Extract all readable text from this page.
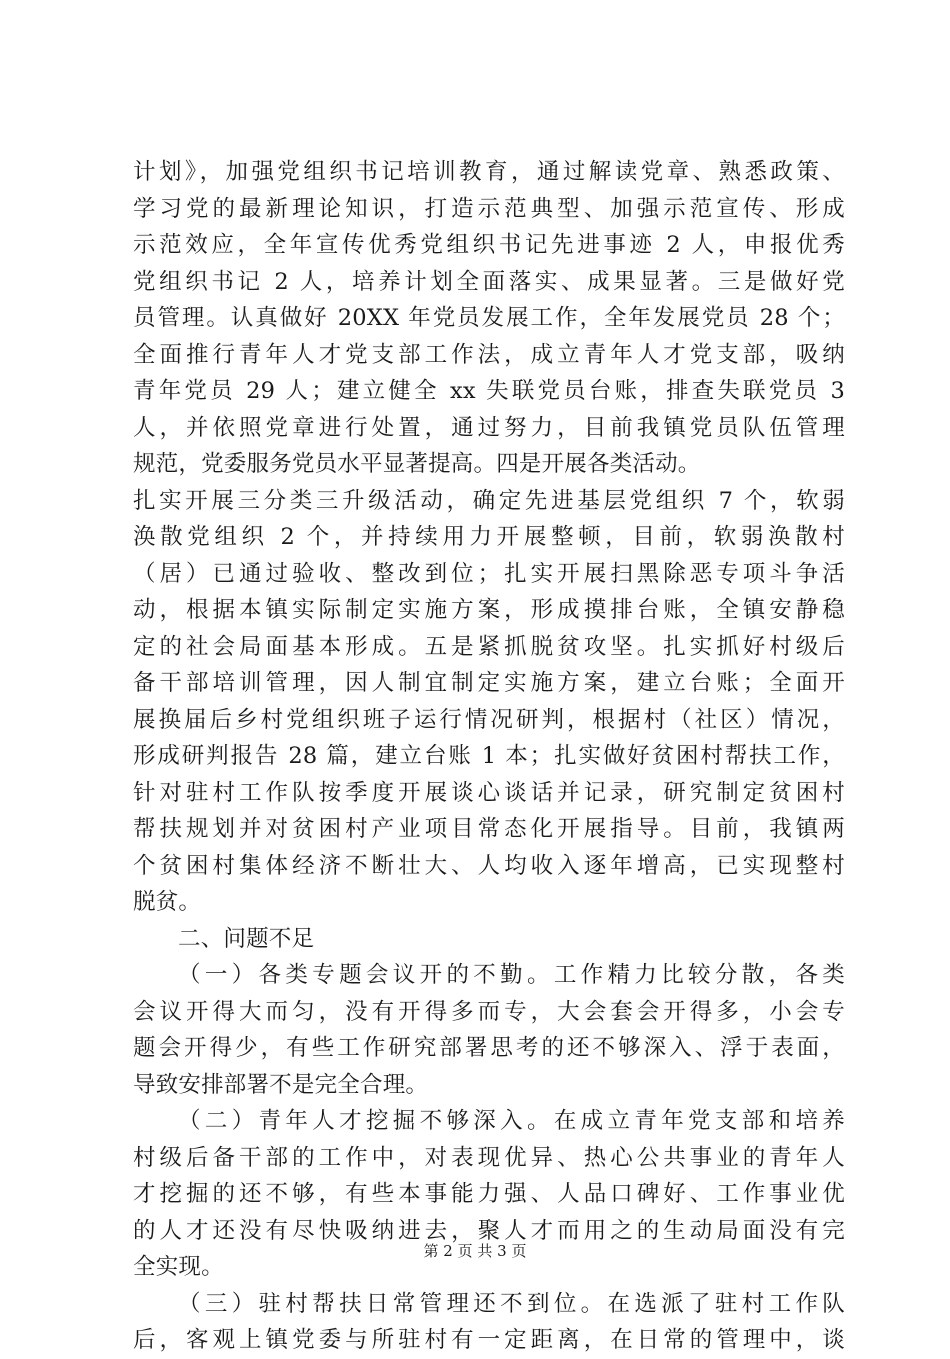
计划》，加强党组织书记培训教育，通过解读党章、熟悉政策、
学习党的最新理论知识，打造示范典型、加强示范宣传、形成
示范效应，全年宣传优秀党组织书记先进事迹 2 人，申报优秀
党组织书记 2 人，培养计划全面落实、成果显著。三是做好党
员管理。认真做好 20XX 年党员发展工作，全年发展党员 28 个；
全面推行青年人才党支部工作法，成立青年人才党支部，吸纳
青年党员 29 人；建立健全 xx 失联党员台账，排查失联党员 3
人，并依照党章进行处置，通过努力，目前我镇党员队伍管理
规范，党委服务党员水平显著提高。四是开展各类活动。
扎实开展三分类三升级活动，确定先进基层党组织 7 个，软弱
涣散党组织 2 个，并持续用力开展整顿，目前，软弱涣散村
（居）已通过验收、整改到位；扎实开展扫黑除恶专项斗争活
动，根据本镇实际制定实施方案，形成摸排台账，全镇安静稳
定的社会局面基本形成。五是紧抓脱贫攻坚。扎实抓好村级后
备干部培训管理，因人制宜制定实施方案，建立台账；全面开
展换届后乡村党组织班子运行情况研判，根据村（社区）情况，
形成研判报告 28 篇，建立台账 1 本；扎实做好贫困村帮扶工作，
针对驻村工作队按季度开展谈心谈话并记录，研究制定贫困村
帮扶规划并对贫困村产业项目常态化开展指导。目前，我镇两
个贫困村集体经济不断壮大、人均收入逐年增高，已实现整村
脱贫。
二、问题不足
（一）各类专题会议开的不勤。工作精力比较分散，各类
会议开得大而匀，没有开得多而专，大会套会开得多，小会专
题会开得少，有些工作研究部署思考的还不够深入、浮于表面，
导致安排部署不是完全合理。
（二）青年人才挖掘不够深入。在成立青年党支部和培养
村级后备干部的工作中，对表现优异、热心公共事业的青年人
才挖掘的还不够，有些本事能力强、人品口碑好、工作事业优
的人才还没有尽快吸纳进去，聚人才而用之的生动局面没有完
全实现。
（三）驻村帮扶日常管理还不到位。在选派了驻村工作队
后，客观上镇党委与所驻村有一定距离，在日常的管理中，谈
第 2 页 共 3 页
